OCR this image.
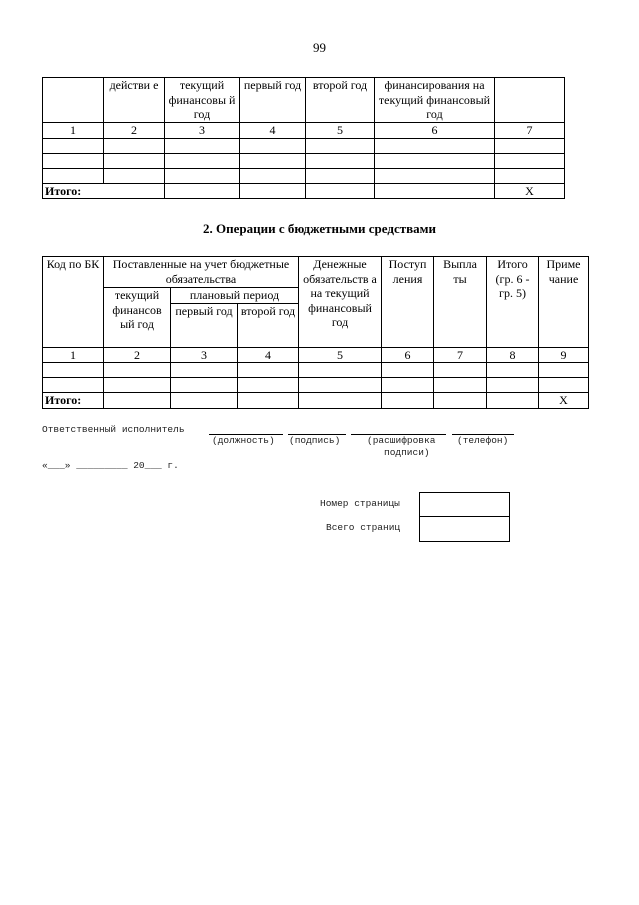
99
	действи е	текущий финансовы й год	первый год	второй год	финансирования на текущий финансовый год	
1	2	3	4	5	6	7

Итого:						X
2. Операции с бюджетными средствами
Код по БК	Поставленные на учет бюджетные обязательства			Денежные обязательств а на текущий финансовый год	Поступ ления	Выпла ты	Итого (гр. 6 - гр. 5)	Приме чание
	текущий финансов ый год	плановый период						
		первый год	второй год					
1	2	3	4	5	6	7	8	9

Итого:								X
Ответственный исполнитель
(должность) (подпись)	(расшифровка (телефон)
подписи)
«___» _________ 20___ г.
Номер страницы
Всего страниц
